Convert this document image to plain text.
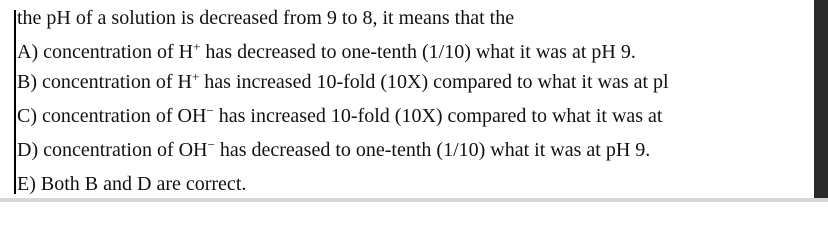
the pH of a solution is decreased from 9 to 8, it means that the
A) concentration of H+ has decreased to one-tenth (1/10) what it was at pH 9.
B) concentration of H+ has increased 10-fold (10X) compared to what it was at pl
C) concentration of OH− has increased 10-fold (10X) compared to what it was at
D) concentration of OH− has decreased to one-tenth (1/10) what it was at pH 9.
E) Both B and D are correct.
